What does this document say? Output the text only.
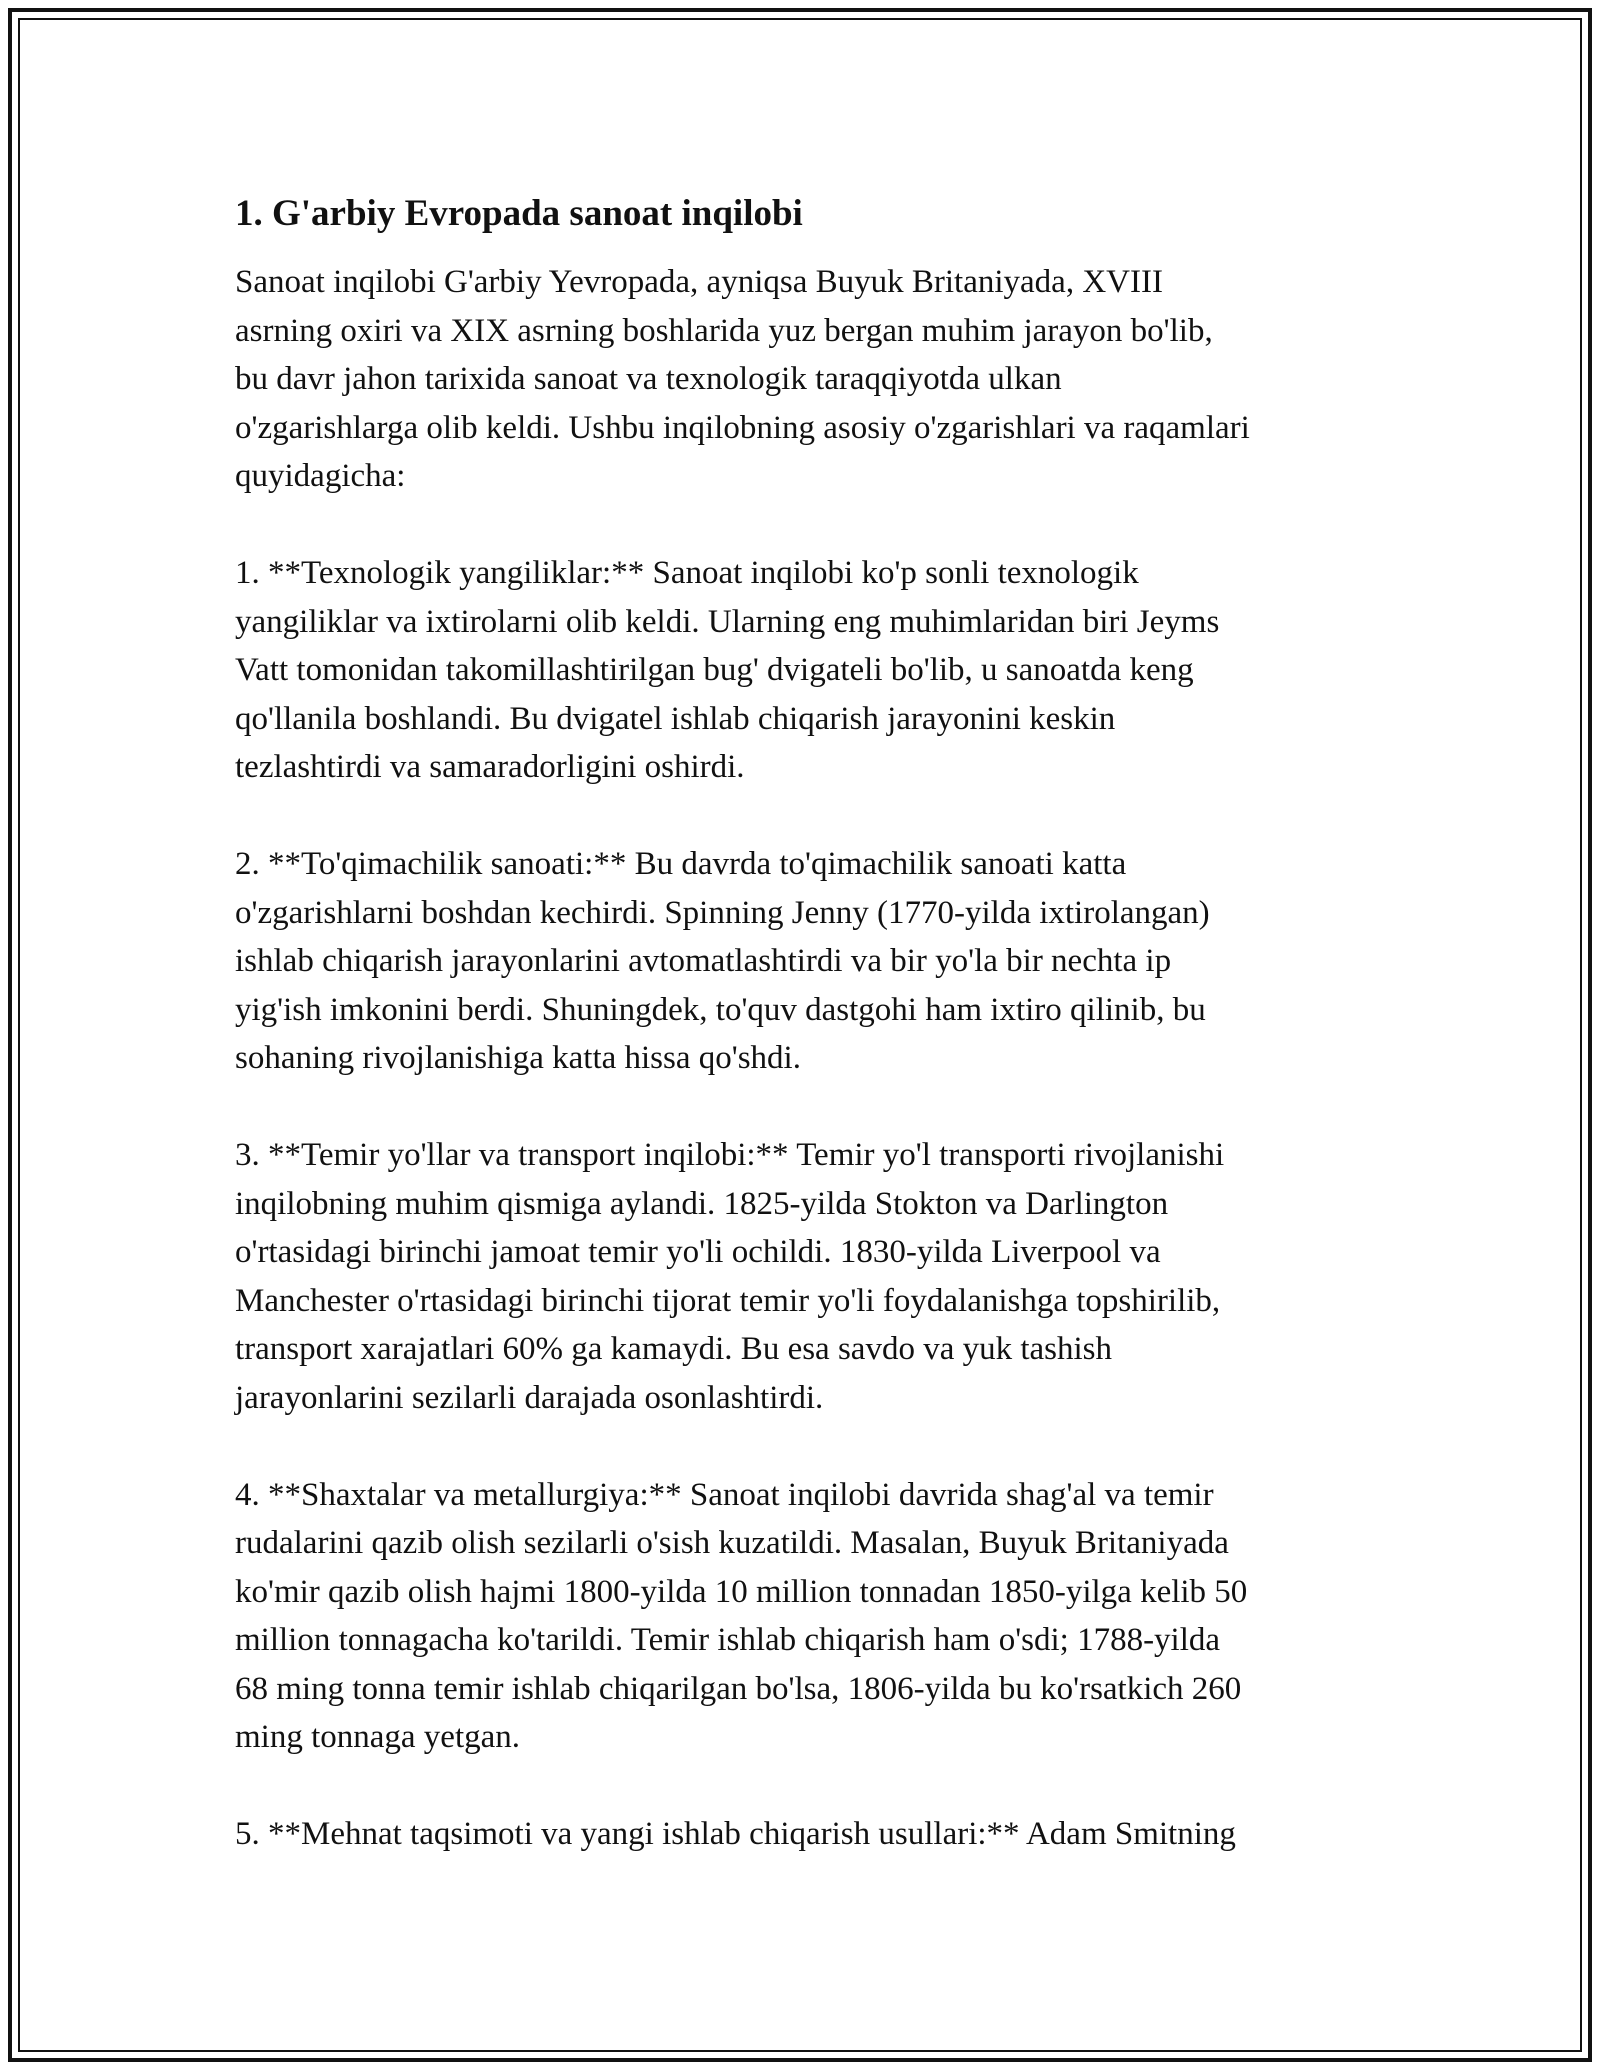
1. G'arbiy Evropada sanoat inqilobi

Sanoat inqilobi G'arbiy Yevropada, ayniqsa Buyuk Britaniyada, XVIII
asrning oxiri va XIX asrning boshlarida yuz bergan muhim jarayon bo'lib,
bu davr jahon tarixida sanoat va texnologik taraqqiyotda ulkan
o'zgarishlarga olib keldi. Ushbu inqilobning asosiy o'zgarishlari va raqamlari
quyidagicha:

1. **Texnologik yangiliklar:** Sanoat inqilobi ko'p sonli texnologik
yangiliklar va ixtirolarni olib keldi. Ularning eng muhimlaridan biri Jeyms
Vatt tomonidan takomillashtirilgan bug' dvigateli bo'lib, u sanoatda keng
qo'llanila boshlandi. Bu dvigatel ishlab chiqarish jarayonini keskin
tezlashtirdi va samaradorligini oshirdi.

2. **To'qimachilik sanoati:** Bu davrda to'qimachilik sanoati katta
o'zgarishlarni boshdan kechirdi. Spinning Jenny (1770-yilda ixtirolangan)
ishlab chiqarish jarayonlarini avtomatlashtirdi va bir yo'la bir nechta ip
yig'ish imkonini berdi. Shuningdek, to'quv dastgohi ham ixtiro qilinib, bu
sohaning rivojlanishiga katta hissa qo'shdi.

3. **Temir yo'llar va transport inqilobi:** Temir yo'l transporti rivojlanishi
inqilobning muhim qismiga aylandi. 1825-yilda Stokton va Darlington
o'rtasidagi birinchi jamoat temir yo'li ochildi. 1830-yilda Liverpool va
Manchester o'rtasidagi birinchi tijorat temir yo'li foydalanishga topshirilib,
transport xarajatlari 60% ga kamaydi. Bu esa savdo va yuk tashish
jarayonlarini sezilarli darajada osonlashtirdi.

4. **Shaxtalar va metallurgiya:** Sanoat inqilobi davrida shag'al va temir
rudalarini qazib olish sezilarli o'sish kuzatildi. Masalan, Buyuk Britaniyada
ko'mir qazib olish hajmi 1800-yilda 10 million tonnadan 1850-yilga kelib 50
million tonnagacha ko'tarildi. Temir ishlab chiqarish ham o'sdi; 1788-yilda
68 ming tonna temir ishlab chiqarilgan bo'lsa, 1806-yilda bu ko'rsatkich 260
ming tonnaga yetgan.

5. **Mehnat taqsimoti va yangi ishlab chiqarish usullari:** Adam Smitning
